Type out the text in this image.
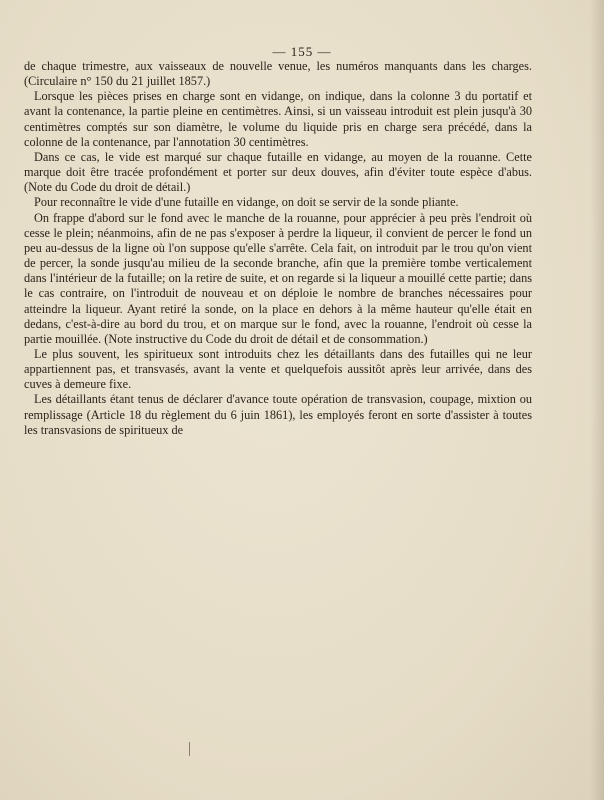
— 155 —

de chaque trimestre, aux vaisseaux de nouvelle venue, les numéros manquants dans les charges. (Circulaire n° 150 du 21 juillet 1857.)

Lorsque les pièces prises en charge sont en vidange, on indique, dans la colonne 3 du portatif et avant la contenance, la partie pleine en centimètres. Ainsi, si un vaisseau introduit est plein jusqu'à 30 centimètres comptés sur son diamètre, le volume du liquide pris en charge sera précédé, dans la colonne de la contenance, par l'annotation 30 centimètres.

Dans ce cas, le vide est marqué sur chaque futaille en vidange, au moyen de la rouanne. Cette marque doit être tracée profondément et porter sur deux douves, afin d'éviter toute espèce d'abus. (Note du Code du droit de détail.)

Pour reconnaître le vide d'une futaille en vidange, on doit se servir de la sonde pliante.

On frappe d'abord sur le fond avec le manche de la rouanne, pour apprécier à peu près l'endroit où cesse le plein; néanmoins, afin de ne pas s'exposer à perdre la liqueur, il convient de percer le fond un peu au-dessus de la ligne où l'on suppose qu'elle s'arrête. Cela fait, on introduit par le trou qu'on vient de percer, la sonde jusqu'au milieu de la seconde branche, afin que la première tombe verticalement dans l'intérieur de la futaille; on la retire de suite, et on regarde si la liqueur a mouillé cette partie; dans le cas contraire, on l'introduit de nouveau et on déploie le nombre de branches nécessaires pour atteindre la liqueur. Ayant retiré la sonde, on la place en dehors à la même hauteur qu'elle était en dedans, c'est-à-dire au bord du trou, et on marque sur le fond, avec la rouanne, l'endroit où cesse la partie mouillée. (Note instructive du Code du droit de détail et de consommation.)

Le plus souvent, les spiritueux sont introduits chez les détaillants dans des futailles qui ne leur appartiennent pas, et transvasés, avant la vente et quelquefois aussitôt après leur arrivée, dans des cuves à demeure fixe.

Les détaillants étant tenus de déclarer d'avance toute opération de transvasion, coupage, mixtion ou remplissage (Article 18 du règlement du 6 juin 1861), les employés feront en sorte d'assister à toutes les transvasions de spiritueux de
